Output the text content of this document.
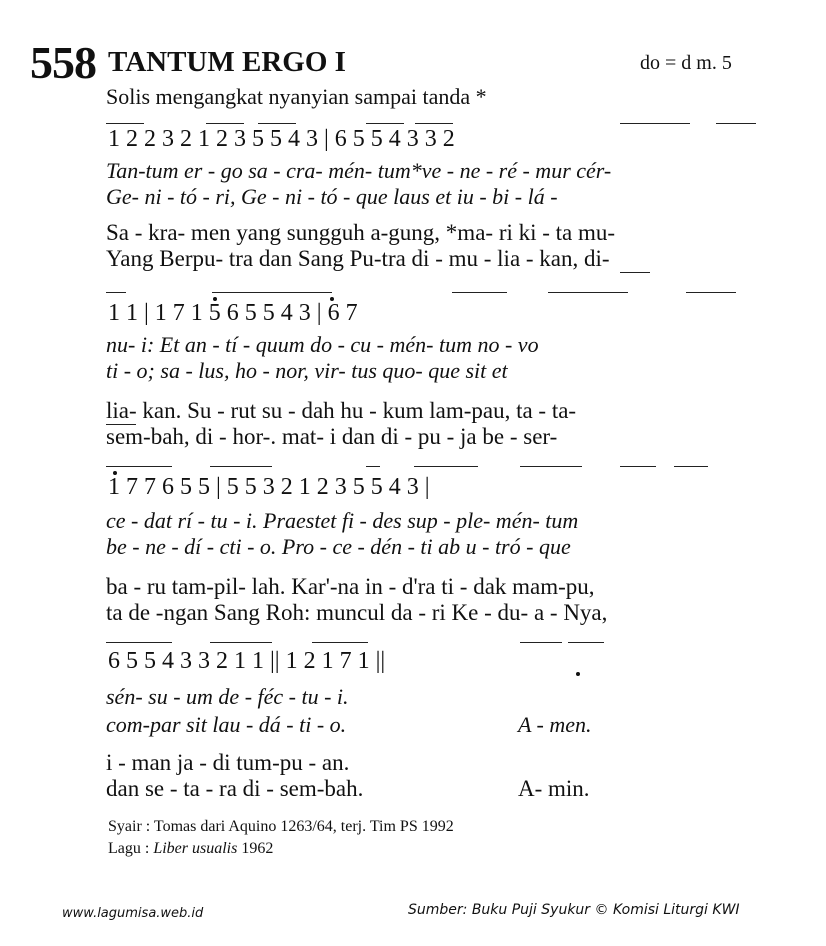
558 TANTUM ERGO I	do = d m. 5
Solis mengangkat nyanyian sampai tanda *
1 2 2 3 2 1 2 3 5 5 4 3 | 6 5 5 4 3 3 2
Tan-tum er - go sa - cra- mén- tum*ve - ne - ré - mur cér-
Ge- ni - tó - ri, Ge - ni - tó - que laus et iu - bi - lá -
Sa - kra- men yang sungguh a-gung, *ma- ri ki - ta mu-
Yang Berpu- tra dan Sang Pu-tra di - mu - lia - kan, di-
1 1 | 1 7 1 5 6 5 5 4 3 | 6 7
nu- i: Et an - tí - quum do - cu - mén- tum no - vo
ti - o; sa - lus, ho - nor, vir- tus quo- que sit et
lia- kan. Su - rut su - dah hu - kum lam-pau, ta - ta-
sem-bah, di - hor-. mat- i dan di - pu - ja be - ser-
1 7 7 6 5 5 | 5 5 3 2 1 2 3 5 5 4 3 |
ce - dat rí - tu - i. Praestet fi - des sup - ple- mén- tum
be - ne - dí - cti - o. Pro - ce - dén - ti ab u - tró - que
ba - ru tam-pil- lah. Kar'-na in - d'ra ti - dak mam-pu,
ta de -ngan Sang Roh: muncul da - ri Ke - du- a - Nya,
6 5 5 4 3 3 2 1 1 || 1 2 1 7 1 ||
sén- su - um de - féc - tu - i.
com-par sit lau - dá - ti - o.	A - men.
i - man ja - di tum-pu - an.
dan se - ta - ra di - sem-bah.	A- min.
Syair : Tomas dari Aquino 1263/64, terj. Tim PS 1992
Lagu : Liber usualis 1962
www.lagumisa.web.id	Sumber: Buku Puji Syukur © Komisi Liturgi KWI
